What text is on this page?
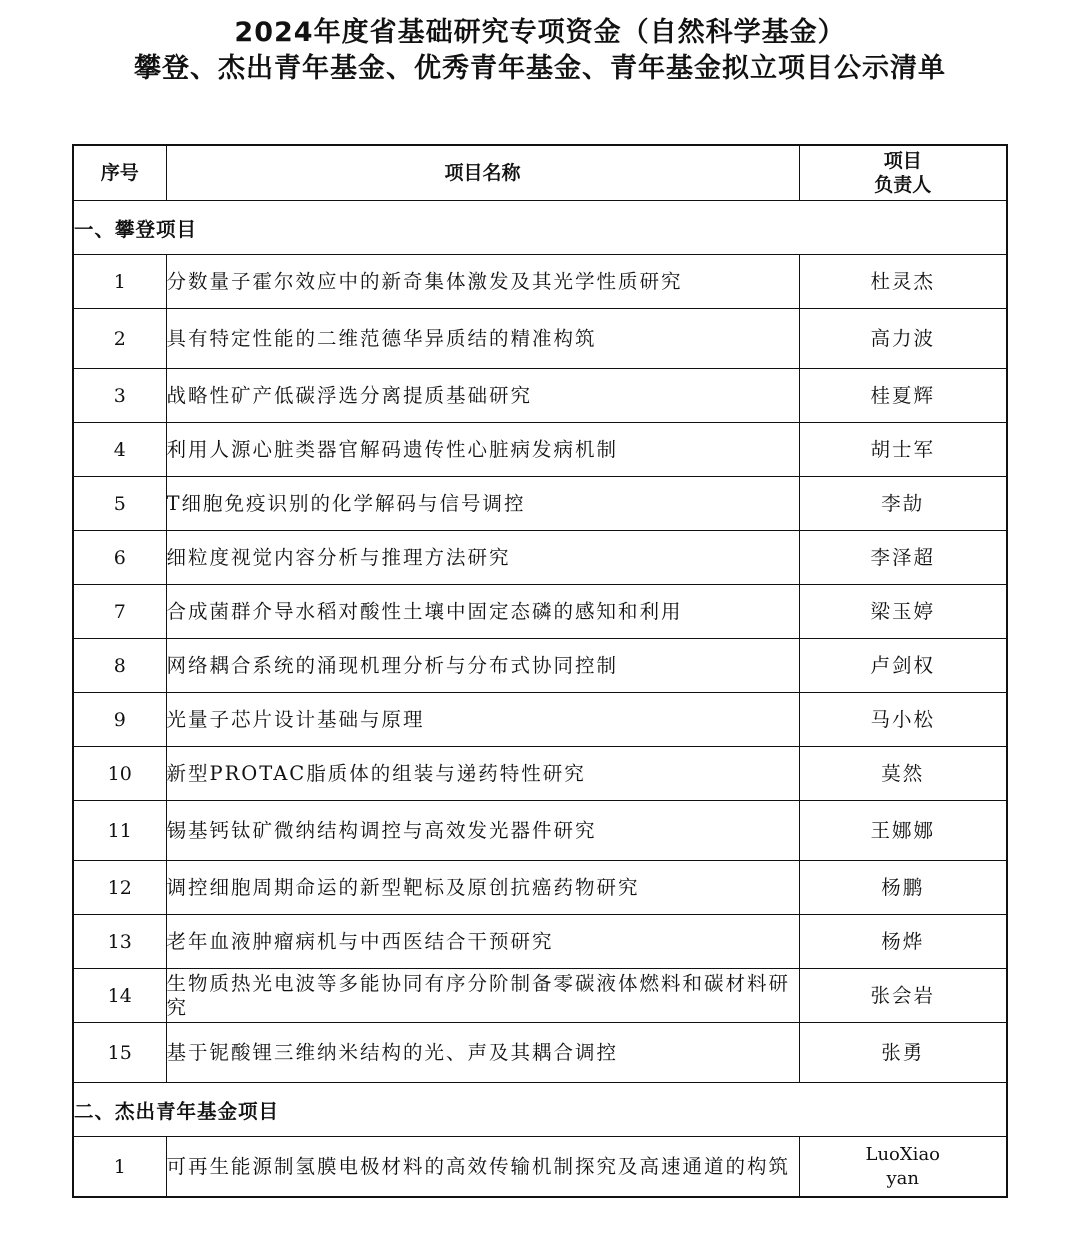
2024年度省基础研究专项资金（自然科学基金）
攀登、杰出青年基金、优秀青年基金、青年基金拟立项目公示清单
序号	项目名称	项目
负责人

一、攀登项目		
1	分数量子霍尔效应中的新奇集体激发及其光学性质研究	杜灵杰
2	具有特定性能的二维范德华异质结的精准构筑	高力波
3	战略性矿产低碳浮选分离提质基础研究	桂夏辉
4	利用人源心脏类器官解码遗传性心脏病发病机制	胡士军
5	T细胞免疫识别的化学解码与信号调控	李劼
6	细粒度视觉内容分析与推理方法研究	李泽超
7	合成菌群介导水稻对酸性土壤中固定态磷的感知和利用	梁玉婷
8	网络耦合系统的涌现机理分析与分布式协同控制	卢剑权
9	光量子芯片设计基础与原理	马小松
10	新型PROTAC脂质体的组装与递药特性研究	莫然
11	锡基钙钛矿微纳结构调控与高效发光器件研究	王娜娜
12	调控细胞周期命运的新型靶标及原创抗癌药物研究	杨鹏
13	老年血液肿瘤病机与中西医结合干预研究	杨烨
14	生物质热光电波等多能协同有序分阶制备零碳液体燃料和碳材料研究	张会岩
15	基于铌酸锂三维纳米结构的光、声及其耦合调控	张勇
二、杰出青年基金项目		
1	可再生能源制氢膜电极材料的高效传输机制探究及高速通道的构筑	LuoXiao
yan
